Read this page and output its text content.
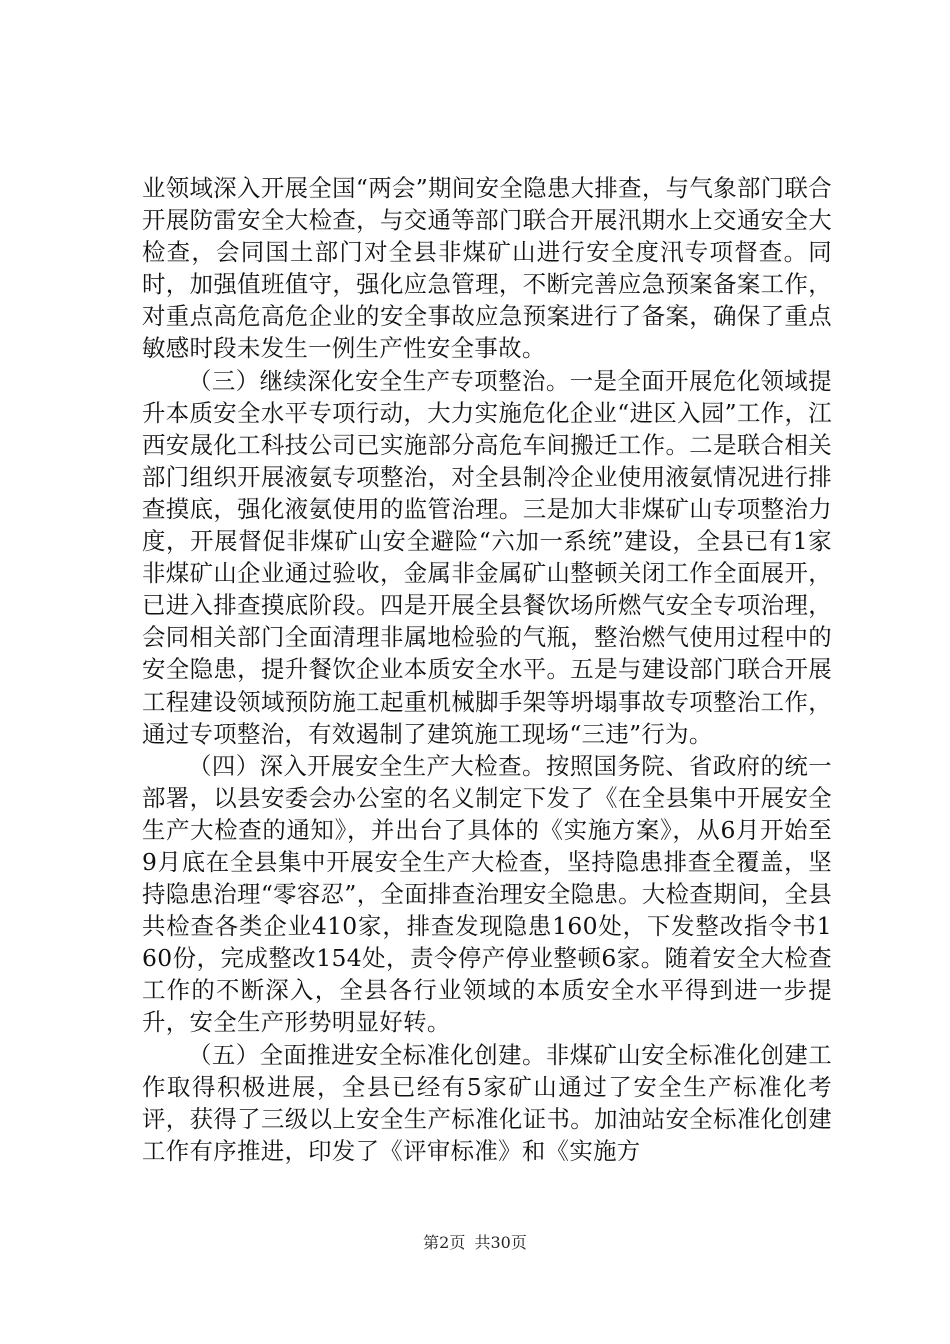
业领域深入开展全国“两会”期间安全隐患大排查，与气象部门联合开展防雷安全大检查，与交通等部门联合开展汛期水上交通安全大检查，会同国土部门对全县非煤矿山进行安全度汛专项督查。同时，加强值班值守，强化应急管理，不断完善应急预案备案工作，对重点高危高危企业的安全事故应急预案进行了备案，确保了重点敏感时段未发生一例生产性安全事故。

（三）继续深化安全生产专项整治。一是全面开展危化领域提升本质安全水平专项行动，大力实施危化企业“进区入园”工作，江西安晟化工科技公司已实施部分高危车间搬迁工作。二是联合相关部门组织开展液氨专项整治，对全县制冷企业使用液氨情况进行排查摸底，强化液氨使用的监管治理。三是加大非煤矿山专项整治力度，开展督促非煤矿山安全避险“六加一系统”建设，全县已有1家非煤矿山企业通过验收，金属非金属矿山整顿关闭工作全面展开，已进入排查摸底阶段。四是开展全县餐饮场所燃气安全专项治理，会同相关部门全面清理非属地检验的气瓶，整治燃气使用过程中的安全隐患，提升餐饮企业本质安全水平。五是与建设部门联合开展工程建设领域预防施工起重机械脚手架等坍塌事故专项整治工作，通过专项整治，有效遏制了建筑施工现场“三违”行为。

（四）深入开展安全生产大检查。按照国务院、省政府的统一部署，以县安委会办公室的名义制定下发了《在全县集中开展安全生产大检查的通知》，并出台了具体的《实施方案》，从6月开始至9月底在全县集中开展安全生产大检查，坚持隐患排查全覆盖，坚持隐患治理“零容忍”，全面排查治理安全隐患。大检查期间，全县共检查各类企业410家，排查发现隐患160处，下发整改指令书160份，完成整改154处，责令停产停业整顿6家。随着安全大检查工作的不断深入，全县各行业领域的本质安全水平得到进一步提升，安全生产形势明显好转。

（五）全面推进安全标准化创建。非煤矿山安全标准化创建工作取得积极进展，全县已经有5家矿山通过了安全生产标准化考评，获得了三级以上安全生产标准化证书。加油站安全标准化创建工作有序推进，印发了《评审标准》和《实施方

第2页 共30页
